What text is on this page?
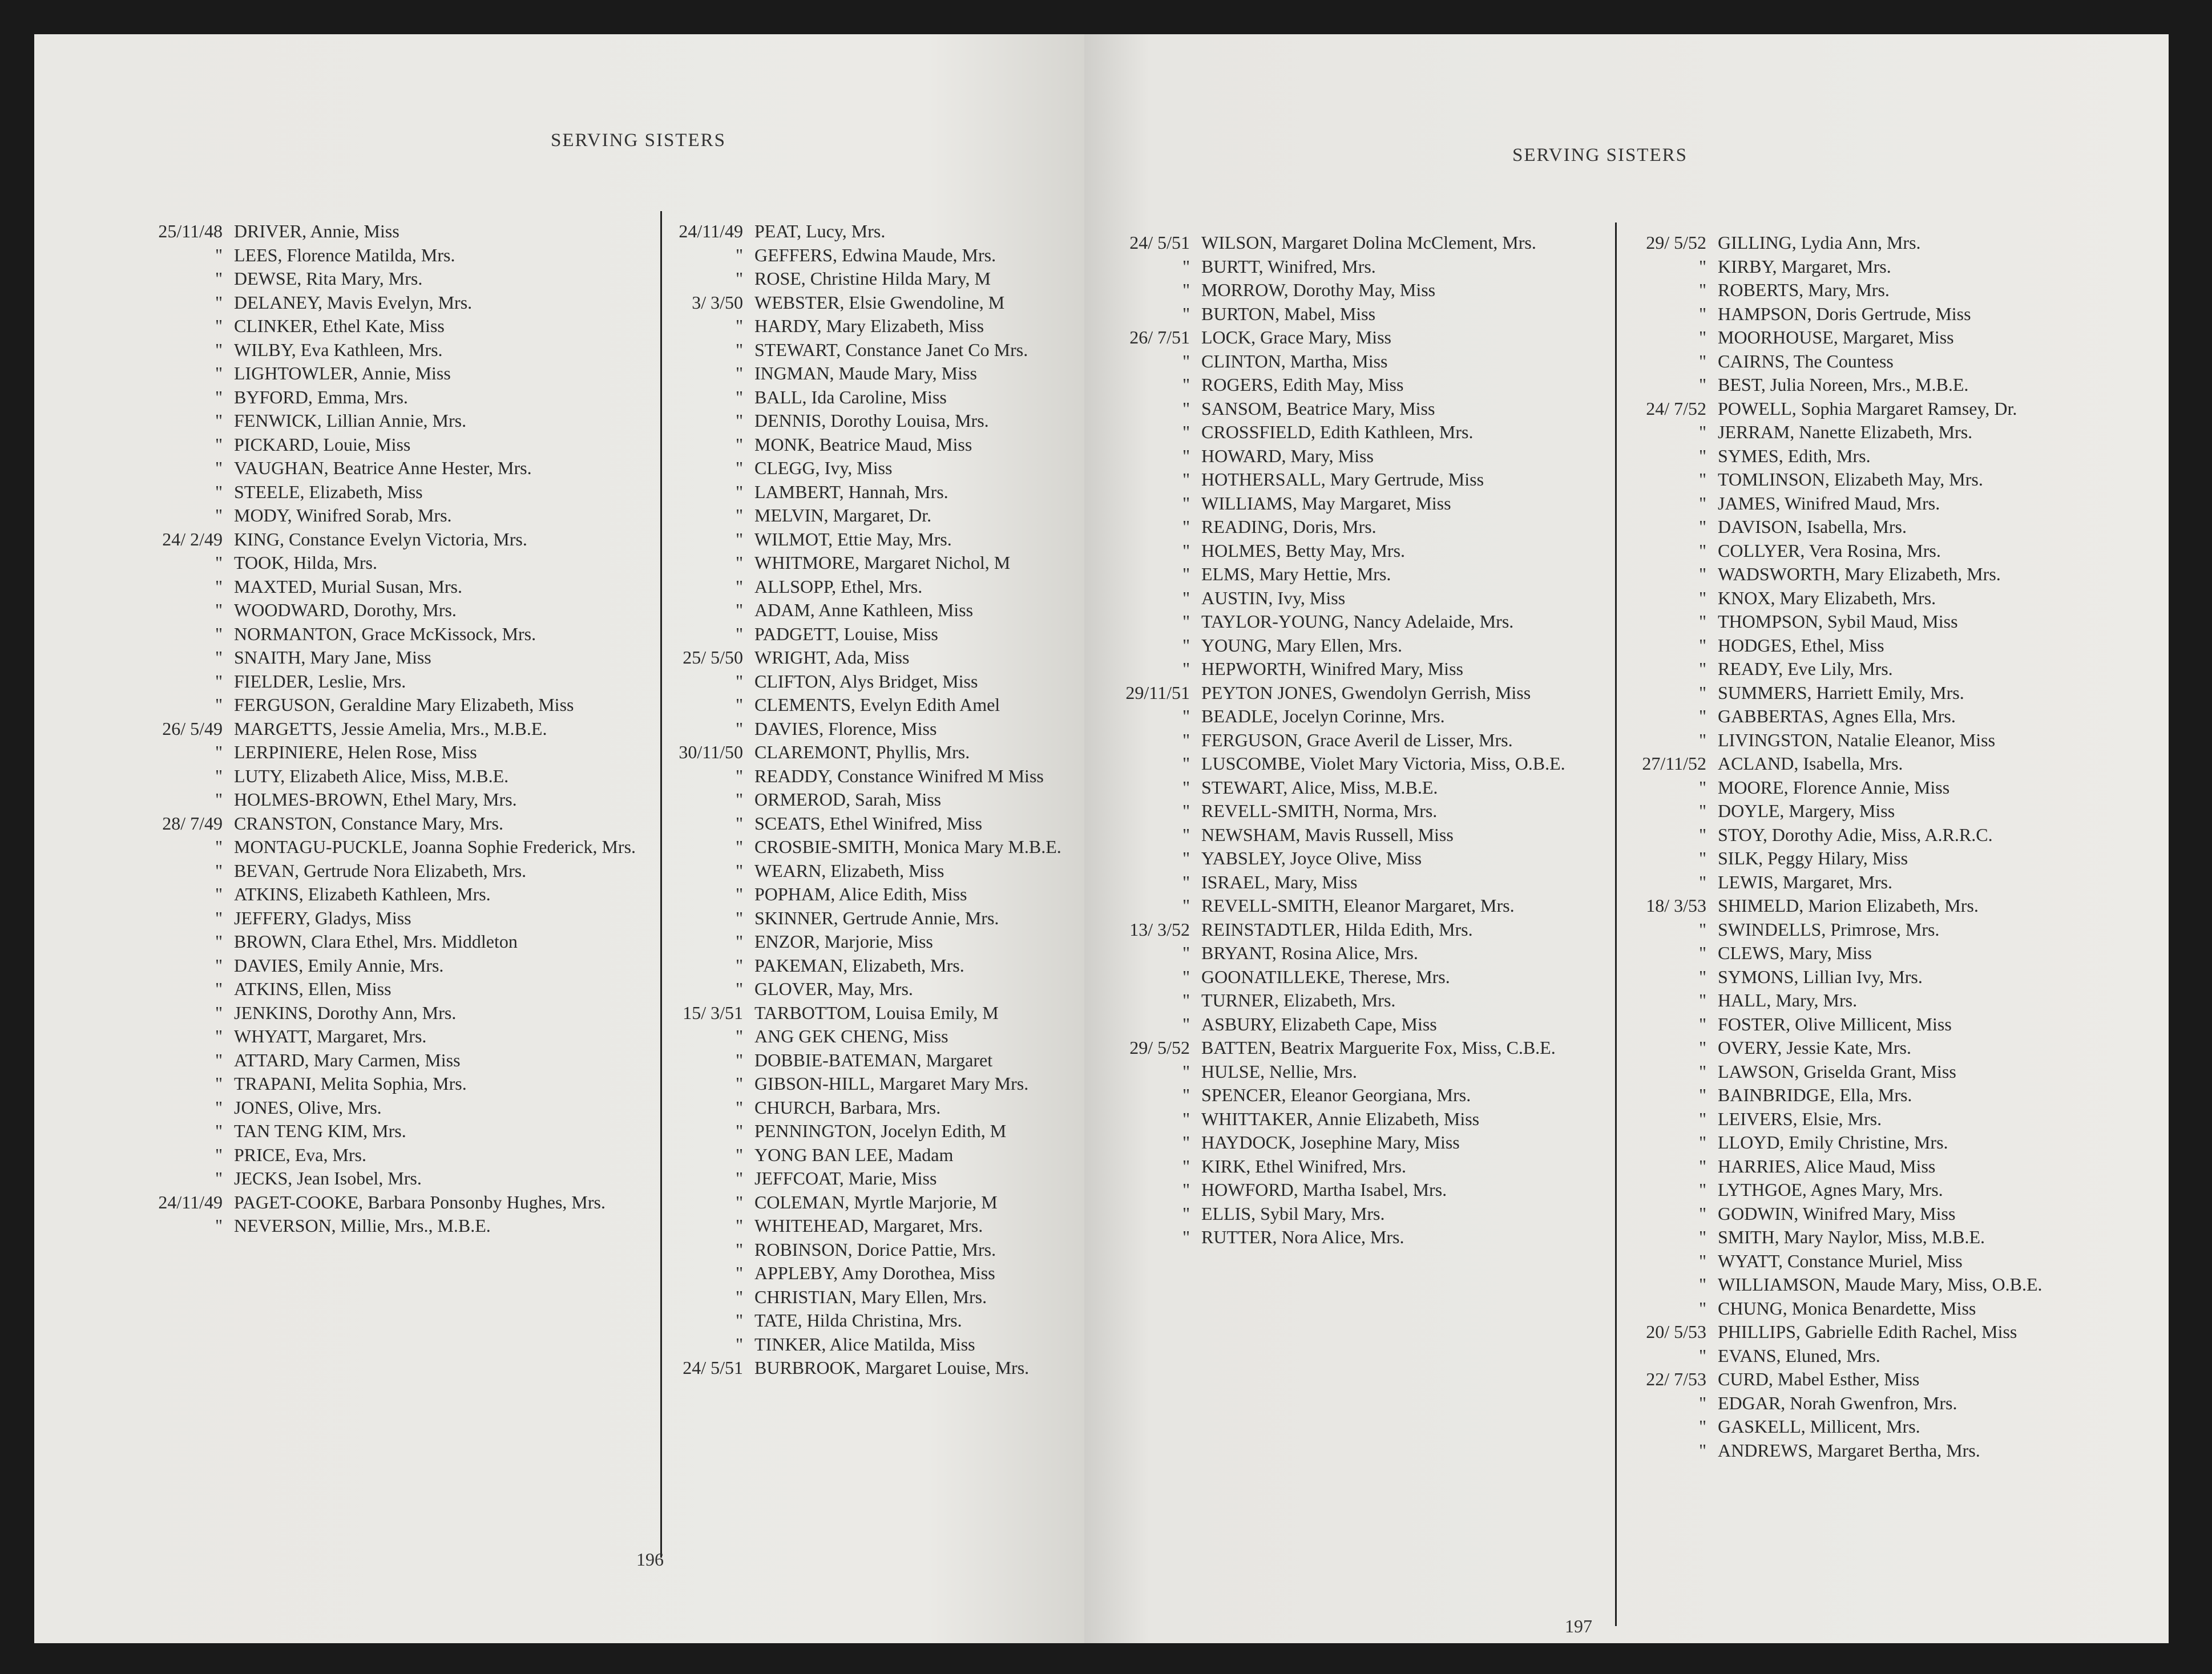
SERVING SISTERS
25/11/48 DRIVER, Annie, Miss
" LEES, Florence Matilda, Mrs.
" DEWSE, Rita Mary, Mrs.
" DELANEY, Mavis Evelyn, Mrs.
" CLINKER, Ethel Kate, Miss
" WILBY, Eva Kathleen, Mrs.
" LIGHTOWLER, Annie, Miss
" BYFORD, Emma, Mrs.
" FENWICK, Lillian Annie, Mrs.
" PICKARD, Louie, Miss
" VAUGHAN, Beatrice Anne Hester, Mrs.
" STEELE, Elizabeth, Miss
" MODY, Winifred Sorab, Mrs.
24/ 2/49 KING, Constance Evelyn Victoria, Mrs.
" TOOK, Hilda, Mrs.
" MAXTED, Murial Susan, Mrs.
" WOODWARD, Dorothy, Mrs.
" NORMANTON, Grace McKissock, Mrs.
" SNAITH, Mary Jane, Miss
" FIELDER, Leslie, Mrs.
" FERGUSON, Geraldine Mary Elizabeth, Miss
26/ 5/49 MARGETTS, Jessie Amelia, Mrs., M.B.E.
" LERPINIERE, Helen Rose, Miss
" LUTY, Elizabeth Alice, Miss, M.B.E.
" HOLMES-BROWN, Ethel Mary, Mrs.
28/ 7/49 CRANSTON, Constance Mary, Mrs.
" MONTAGU-PUCKLE, Joanna Sophie Frederick, Mrs.
" BEVAN, Gertrude Nora Elizabeth, Mrs.
" ATKINS, Elizabeth Kathleen, Mrs.
" JEFFERY, Gladys, Miss
" BROWN, Clara Ethel, Mrs. Middleton
" DAVIES, Emily Annie, Mrs.
" ATKINS, Ellen, Miss
" JENKINS, Dorothy Ann, Mrs.
" WHYATT, Margaret, Mrs.
" ATTARD, Mary Carmen, Miss
" TRAPANI, Melita Sophia, Mrs.
" JONES, Olive, Mrs.
" TAN TENG KIM, Mrs.
" PRICE, Eva, Mrs.
" JECKS, Jean Isobel, Mrs.
24/11/49 PAGET-COOKE, Barbara Ponsonby Hughes, Mrs.
" NEVERSON, Millie, Mrs., M.B.E.
24/11/49 PEAT, Lucy, Mrs.
" GEFFERS, Edwina Maude, Mrs.
" ROSE, Christine Hilda Mary, M
3/ 3/50 WEBSTER, Elsie Gwendoline, M
" HARDY, Mary Elizabeth, Miss
" STEWART, Constance Janet Co Mrs.
" INGMAN, Maude Mary, Miss
" BALL, Ida Caroline, Miss
" DENNIS, Dorothy Louisa, Mrs.
" MONK, Beatrice Maud, Miss
" CLEGG, Ivy, Miss
" LAMBERT, Hannah, Mrs.
" MELVIN, Margaret, Dr.
" WILMOT, Ettie May, Mrs.
" WHITMORE, Margaret Nichol, M
" ALLSOPP, Ethel, Mrs.
" ADAM, Anne Kathleen, Miss
" PADGETT, Louise, Miss
25/ 5/50 WRIGHT, Ada, Miss
" CLIFTON, Alys Bridget, Miss
" CLEMENTS, Evelyn Edith Amel
" DAVIES, Florence, Miss
30/11/50 CLAREMONT, Phyllis, Mrs.
" READDY, Constance Winifred M Miss
" ORMEROD, Sarah, Miss
" SCEATS, Ethel Winifred, Miss
" CROSBIE-SMITH, Monica Mary M.B.E.
" WEARN, Elizabeth, Miss
" POPHAM, Alice Edith, Miss
" SKINNER, Gertrude Annie, Mrs.
" ENZOR, Marjorie, Miss
" PAKEMAN, Elizabeth, Mrs.
" GLOVER, May, Mrs.
15/ 3/51 TARBOTTOM, Louisa Emily, M
" ANG GEK CHENG, Miss
" DOBBIE-BATEMAN, Margaret
" GIBSON-HILL, Margaret Mary Mrs.
" CHURCH, Barbara, Mrs.
" PENNINGTON, Jocelyn Edith, M
" YONG BAN LEE, Madam
" JEFFCOAT, Marie, Miss
" COLEMAN, Myrtle Marjorie, M
" WHITEHEAD, Margaret, Mrs.
" ROBINSON, Dorice Pattie, Mrs.
" APPLEBY, Amy Dorothea, Miss
" CHRISTIAN, Mary Ellen, Mrs.
" TATE, Hilda Christina, Mrs.
" TINKER, Alice Matilda, Miss
24/ 5/51 BURBROOK, Margaret Louise, Mrs.
196
SERVING SISTERS
24/ 5/51 WILSON, Margaret Dolina McClement, Mrs.
" BURTT, Winifred, Mrs.
" MORROW, Dorothy May, Miss
" BURTON, Mabel, Miss
26/ 7/51 LOCK, Grace Mary, Miss
" CLINTON, Martha, Miss
" ROGERS, Edith May, Miss
" SANSOM, Beatrice Mary, Miss
" CROSSFIELD, Edith Kathleen, Mrs.
" HOWARD, Mary, Miss
" HOTHERSALL, Mary Gertrude, Miss
" WILLIAMS, May Margaret, Miss
" READING, Doris, Mrs.
" HOLMES, Betty May, Mrs.
" ELMS, Mary Hettie, Mrs.
" AUSTIN, Ivy, Miss
" TAYLOR-YOUNG, Nancy Adelaide, Mrs.
" YOUNG, Mary Ellen, Mrs.
" HEPWORTH, Winifred Mary, Miss
29/11/51 PEYTON JONES, Gwendolyn Gerrish, Miss
" BEADLE, Jocelyn Corinne, Mrs.
" FERGUSON, Grace Averil de Lisser, Mrs.
" LUSCOMBE, Violet Mary Victoria, Miss, O.B.E.
" STEWART, Alice, Miss, M.B.E.
" REVELL-SMITH, Norma, Mrs.
" NEWSHAM, Mavis Russell, Miss
" YABSLEY, Joyce Olive, Miss
" ISRAEL, Mary, Miss
" REVELL-SMITH, Eleanor Margaret, Mrs.
13/ 3/52 REINSTADTLER, Hilda Edith, Mrs.
" BRYANT, Rosina Alice, Mrs.
" GOONATILLEKE, Therese, Mrs.
" TURNER, Elizabeth, Mrs.
" ASBURY, Elizabeth Cape, Miss
29/ 5/52 BATTEN, Beatrix Marguerite Fox, Miss, C.B.E.
" HULSE, Nellie, Mrs.
" SPENCER, Eleanor Georgiana, Mrs.
" WHITTAKER, Annie Elizabeth, Miss
" HAYDOCK, Josephine Mary, Miss
" KIRK, Ethel Winifred, Mrs.
" HOWFORD, Martha Isabel, Mrs.
" ELLIS, Sybil Mary, Mrs.
" RUTTER, Nora Alice, Mrs.
29/ 5/52 GILLING, Lydia Ann, Mrs.
" KIRBY, Margaret, Mrs.
" ROBERTS, Mary, Mrs.
" HAMPSON, Doris Gertrude, Miss
" MOORHOUSE, Margaret, Miss
" CAIRNS, The Countess
" BEST, Julia Noreen, Mrs., M.B.E.
24/ 7/52 POWELL, Sophia Margaret Ramsey, Dr.
" JERRAM, Nanette Elizabeth, Mrs.
" SYMES, Edith, Mrs.
" TOMLINSON, Elizabeth May, Mrs.
" JAMES, Winifred Maud, Mrs.
" DAVISON, Isabella, Mrs.
" COLLYER, Vera Rosina, Mrs.
" WADSWORTH, Mary Elizabeth, Mrs.
" KNOX, Mary Elizabeth, Mrs.
" THOMPSON, Sybil Maud, Miss
" HODGES, Ethel, Miss
" READY, Eve Lily, Mrs.
" SUMMERS, Harriett Emily, Mrs.
" GABBERTAS, Agnes Ella, Mrs.
" LIVINGSTON, Natalie Eleanor, Miss
27/11/52 ACLAND, Isabella, Mrs.
" MOORE, Florence Annie, Miss
" DOYLE, Margery, Miss
" STOY, Dorothy Adie, Miss, A.R.R.C.
" SILK, Peggy Hilary, Miss
" LEWIS, Margaret, Mrs.
18/ 3/53 SHIMELD, Marion Elizabeth, Mrs.
" SWINDELLS, Primrose, Mrs.
" CLEWS, Mary, Miss
" SYMONS, Lillian Ivy, Mrs.
" HALL, Mary, Mrs.
" FOSTER, Olive Millicent, Miss
" OVERY, Jessie Kate, Mrs.
" LAWSON, Griselda Grant, Miss
" BAINBRIDGE, Ella, Mrs.
" LEIVERS, Elsie, Mrs.
" LLOYD, Emily Christine, Mrs.
" HARRIES, Alice Maud, Miss
" LYTHGOE, Agnes Mary, Mrs.
" GODWIN, Winifred Mary, Miss
" SMITH, Mary Naylor, Miss, M.B.E.
" WYATT, Constance Muriel, Miss
" WILLIAMSON, Maude Mary, Miss, O.B.E.
" CHUNG, Monica Benardette, Miss
20/ 5/53 PHILLIPS, Gabrielle Edith Rachel, Miss
" EVANS, Eluned, Mrs.
22/ 7/53 CURD, Mabel Esther, Miss
" EDGAR, Norah Gwenfron, Mrs.
" GASKELL, Millicent, Mrs.
" ANDREWS, Margaret Bertha, Mrs.
197
